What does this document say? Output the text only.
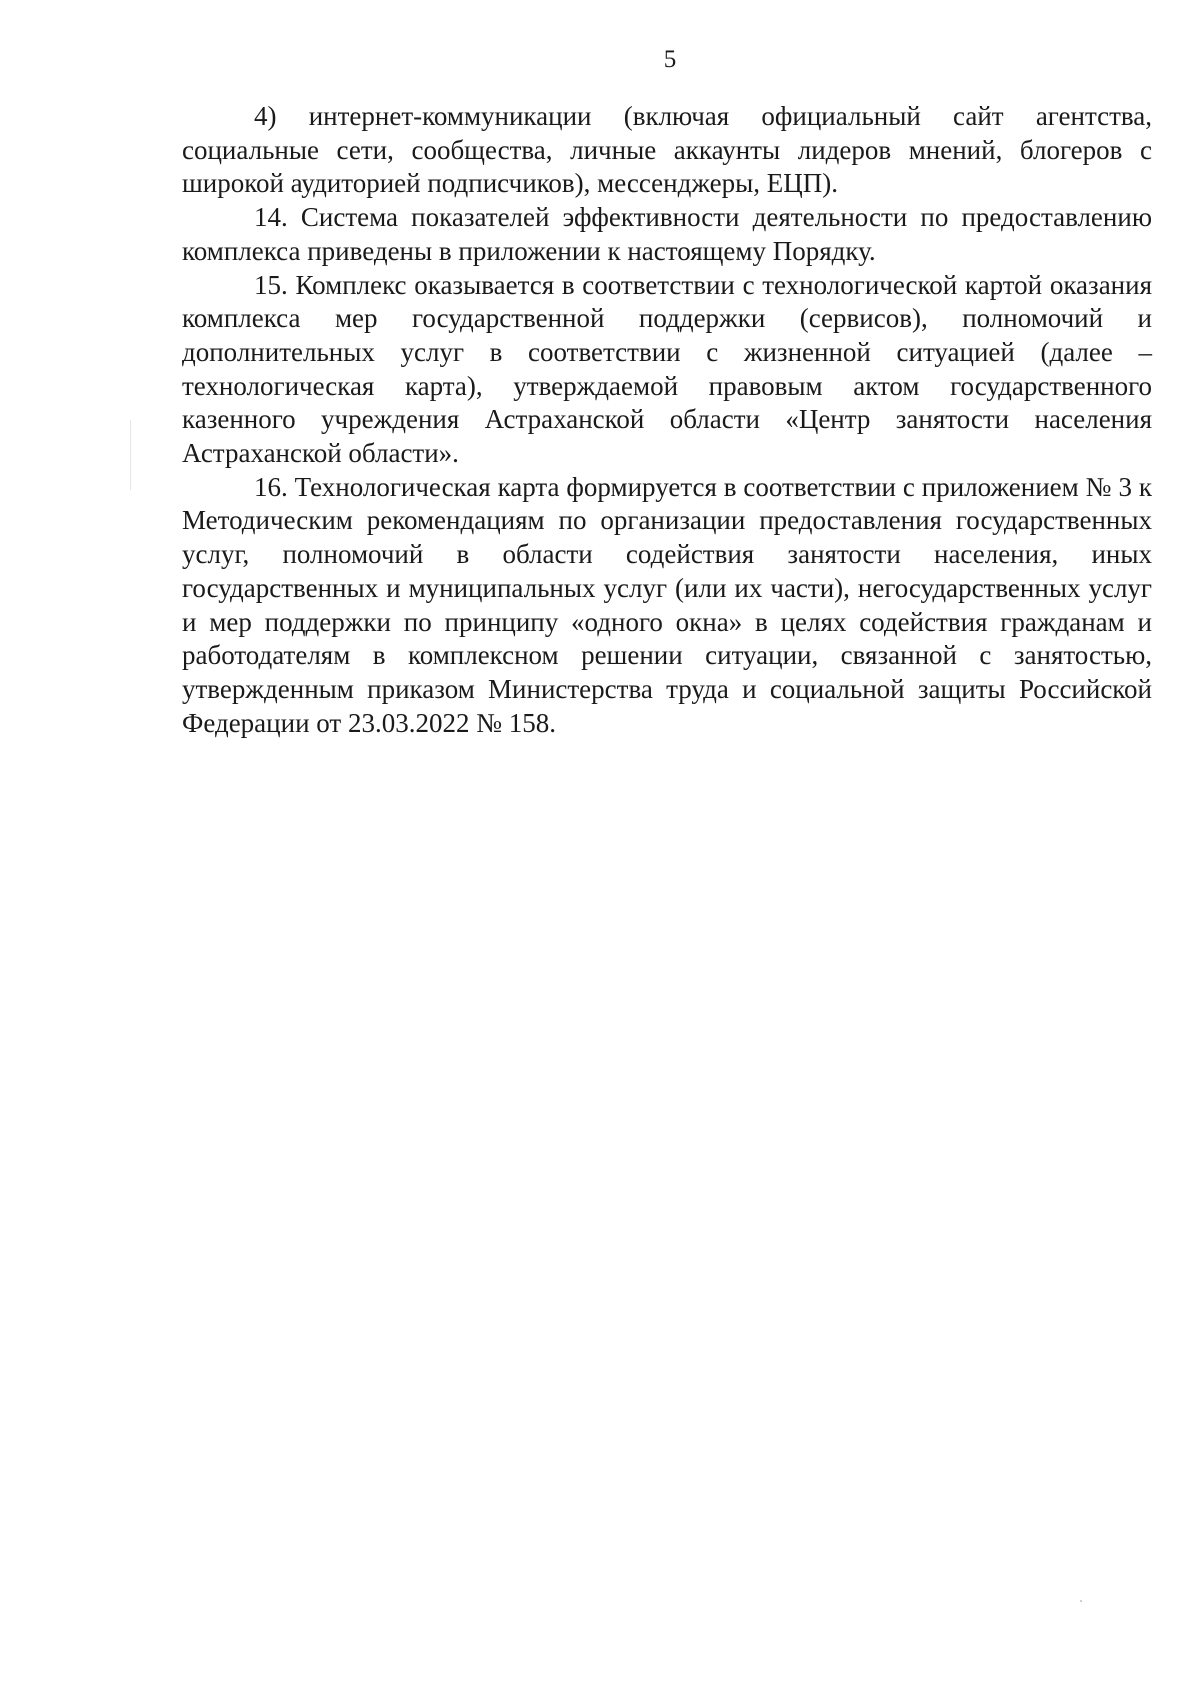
5

4) интернет-коммуникации (включая официальный сайт агентства, социальные сети, сообщества, личные аккаунты лидеров мнений, блогеров с широкой аудиторией подписчиков), мессенджеры, ЕЦП).

14. Система показателей эффективности деятельности по предоставлению комплекса приведены в приложении к настоящему Порядку.

15. Комплекс оказывается в соответствии с технологической картой оказания комплекса мер государственной поддержки (сервисов), полномочий и дополнительных услуг в соответствии с жизненной ситуацией (далее – технологическая карта), утверждаемой правовым актом государственного казенного учреждения Астраханской области «Центр занятости населения Астраханской области».

16. Технологическая карта формируется в соответствии с приложением № 3 к Методическим рекомендациям по организации предоставления государственных услуг, полномочий в области содействия занятости населения, иных государственных и муниципальных услуг (или их части), негосударственных услуг и мер поддержки по принципу «одного окна» в целях содействия гражданам и работодателям в комплексном решении ситуации, связанной с занятостью, утвержденным приказом Министерства труда и социальной защиты Российской Федерации от 23.03.2022 № 158.
